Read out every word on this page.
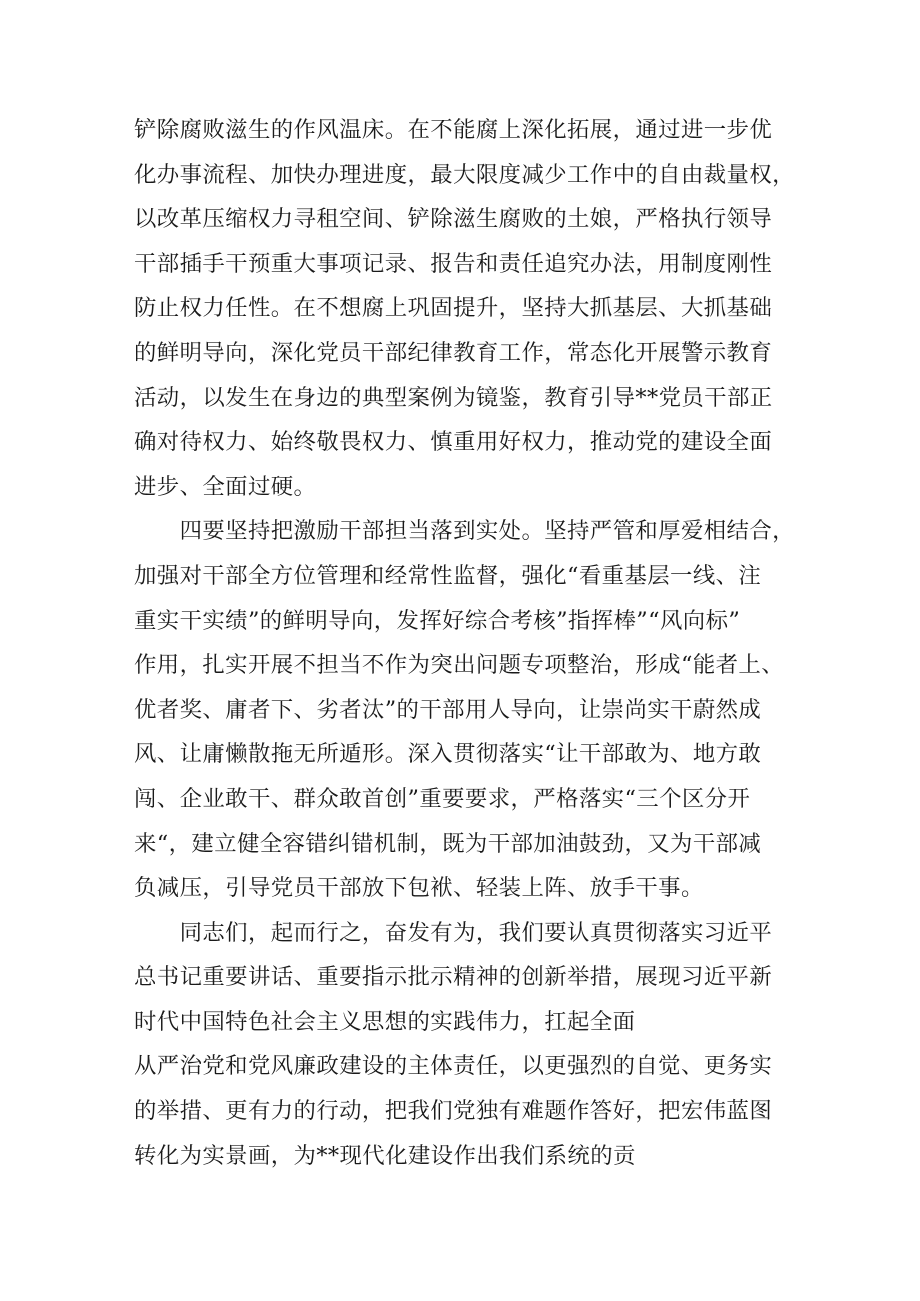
铲除腐败滋生的作风温床。在不能腐上深化拓展，通过进一步优
化办事流程、加快办理进度，最大限度减少工作中的自由裁量权，
以改革压缩权力寻租空间、铲除滋生腐败的土娘，严格执行领导
干部插手干预重大事项记录、报告和责任追究办法，用制度刚性
防止权力任性。在不想腐上巩固提升，坚持大抓基层、大抓基础
的鲜明导向，深化党员干部纪律教育工作，常态化开展警示教育
活动，以发生在身边的典型案例为镜鉴，教育引导**党员干部正
确对待权力、始终敬畏权力、慎重用好权力，推动党的建设全面
进步、全面过硬。
　　四要坚持把激励干部担当落到实处。坚持严管和厚爱相结合，
加强对干部全方位管理和经常性监督，强化“看重基层一线、注
重实干实绩”的鲜明导向，发挥好综合考核”指挥棒”“风向标”
作用，扎实开展不担当不作为突出问题专项整治，形成“能者上、
优者奖、庸者下、劣者汰”的干部用人导向，让崇尚实干蔚然成
风、让庸懒散拖无所遁形。深入贯彻落实“让干部敢为、地方敢
闯、企业敢干、群众敢首创”重要要求，严格落实“三个区分开
来“，建立健全容错纠错机制，既为干部加油鼓劲，又为干部减
负减压，引导党员干部放下包袱、轻装上阵、放手干事。
　　同志们，起而行之，奋发有为，我们要认真贯彻落实习近平
总书记重要讲话、重要指示批示精神的创新举措，展现习近平新
时代中国特色社会主义思想的实践伟力，扛起全面
从严治党和党风廉政建设的主体责任，以更强烈的自觉、更务实
的举措、更有力的行动，把我们党独有难题作答好，把宏伟蓝图
转化为实景画，为**现代化建设作出我们系统的贡
